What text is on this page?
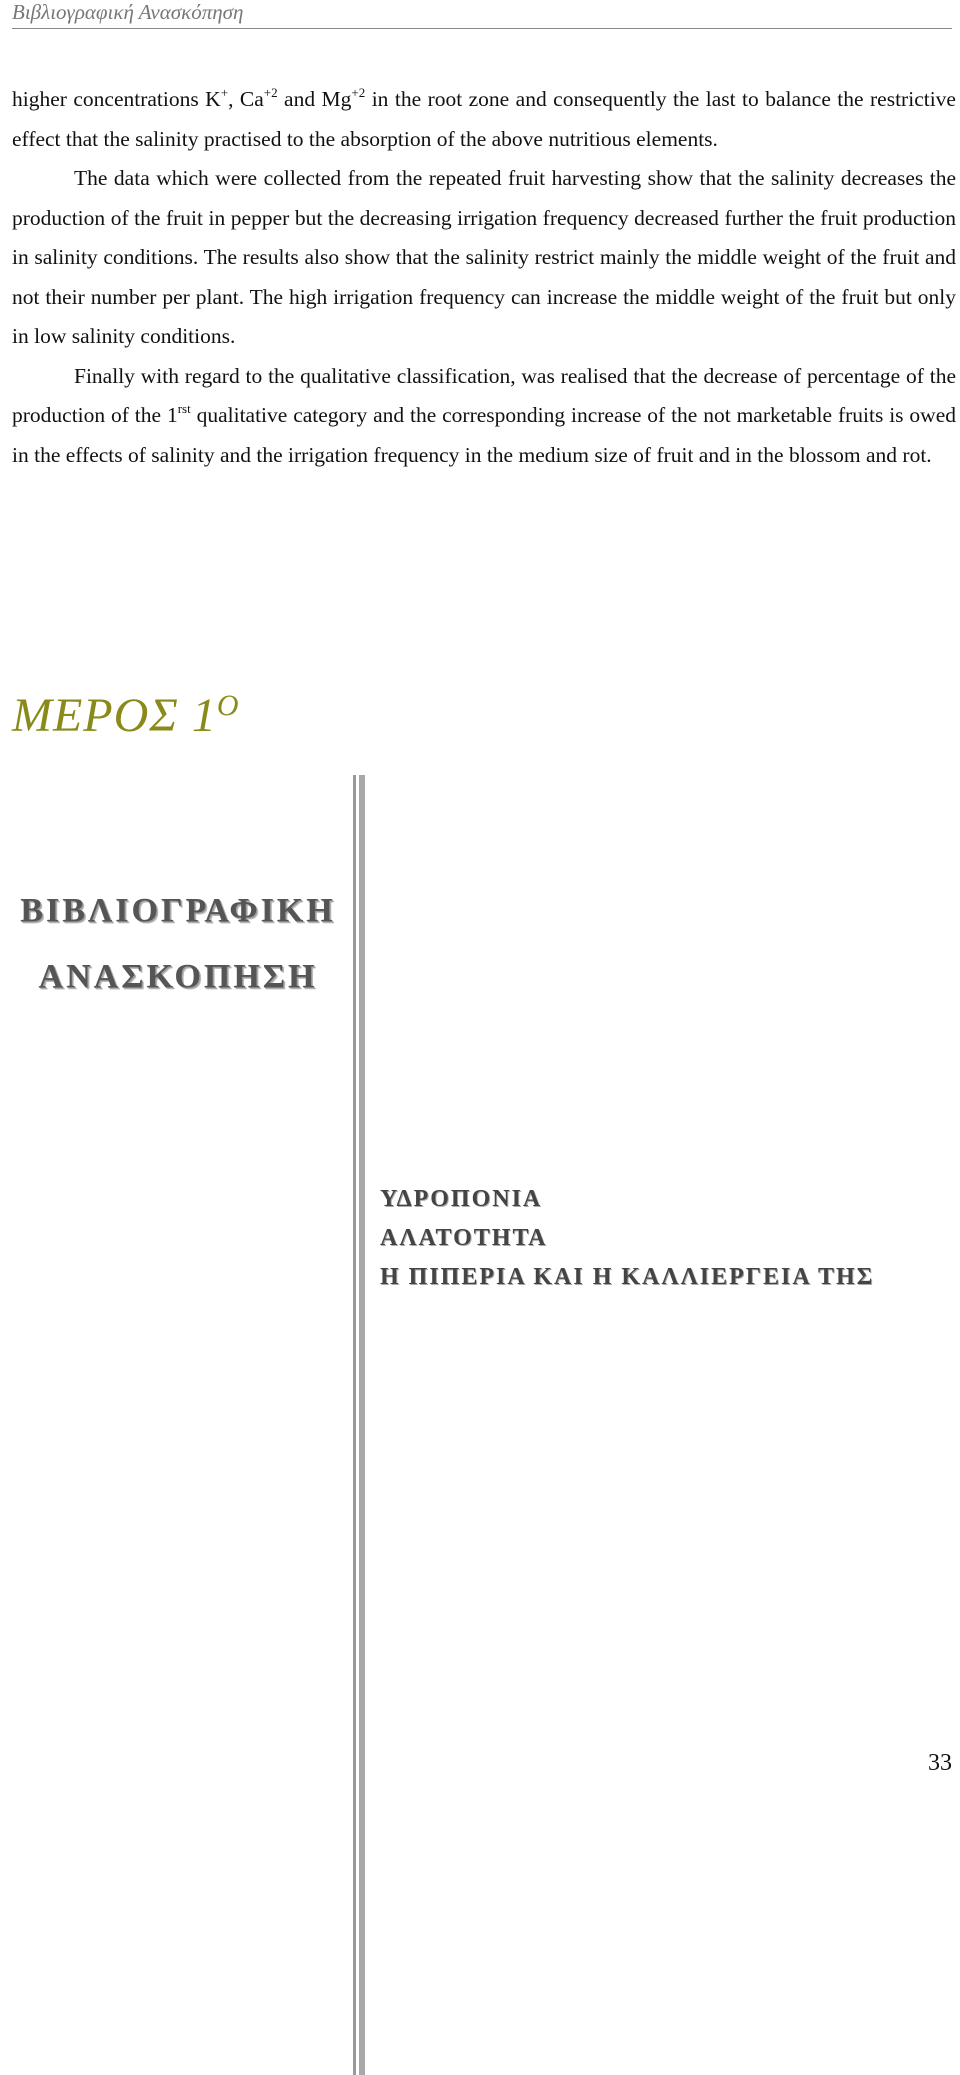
Βιβλιογραφική Ανασκόπηση

higher concentrations K+, $Ca^{+2}$ and $Mg^{+2}$ in the root zone and consequently the last to balance the restrictive effect that the salinity practised to the absorption of the above nutritious elements.

The data which were collected from the repeated fruit harvesting show that the salinity decreases the production of the fruit in pepper but the decreasing irrigation frequency decreased further the fruit production in salinity conditions. The results also show that the salinity restrict mainly the middle weight of the fruit and not their number per plant. The high irrigation frequency can increase the middle weight of the fruit but only in low salinity conditions.

Finally with regard to the qualitative classification, was realised that the decrease of percentage of the production of the $1^{rst}$ qualitative category and the corresponding increase of the not marketable fruits is owed in the effects of salinity and the irrigation frequency in the medium size of fruit and in the blossom and rot.

ΜΕΡΟΣ $1^O$
ΒΙΒΛΙΟΓΡΑΦΙΚΗ
ΑΝΑΣΚΟΠΗΣΗ
ΥΔΡΟΠΟΝΙΑ
ΑΛΑΤΟΤΗΤΑ
Η ΠΙΠΕΡΙΑ ΚΑΙ Η ΚΑΛΛΙΕΡΓΕΙΑ ΤΗΣ
33
